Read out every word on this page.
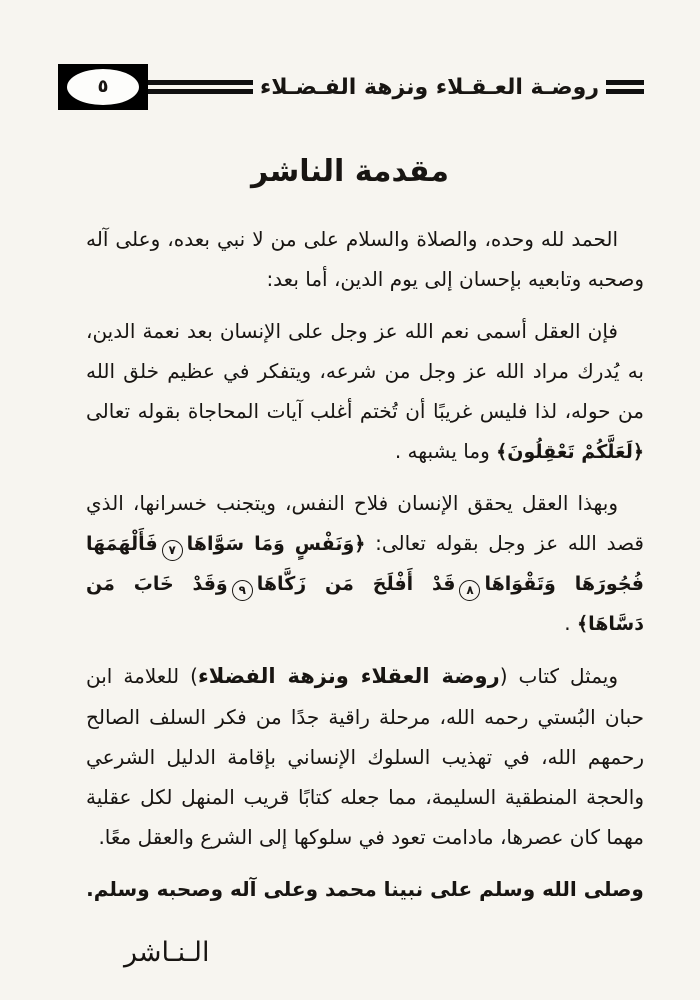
روضـة العـقـلاء ونزهة الفـضـلاء
٥
مقدمة الناشر

الحمد لله وحده، والصلاة والسلام على من لا نبي بعده، وعلى آله وصحبه وتابعيه بإحسان إلى يوم الدين، أما بعد:

فإن العقل أسمى نعم الله عز وجل على الإنسان بعد نعمة الدين، به يُدرك مراد الله عز وجل من شرعه، ويتفكر في عظيم خلق الله من حوله، لذا فليس غريبًا أن تُختم أغلب آيات المحاجاة بقوله تعالى ﴿لَعَلَّكُمْ تَعْقِلُونَ﴾ وما يشبهه .

وبهذا العقل يحقق الإنسان فلاح النفس، ويتجنب خسرانها، الذي قصد الله عز وجل بقوله تعالى: ﴿وَنَفْسٍ وَمَا سَوَّاهَا٧فَأَلْهَمَهَا فُجُورَهَا وَتَقْوَاهَا٨قَدْ أَفْلَحَ مَن زَكَّاهَا٩وَقَدْ خَابَ مَن دَسَّاهَا﴾ .

ويمثل كتاب (روضة العقلاء ونزهة الفضلاء) للعلامة ابن حبان البُستي رحمه الله، مرحلة راقية جدًا من فكر السلف الصالح رحمهم الله، في تهذيب السلوك الإنساني بإقامة الدليل الشرعي والحجة المنطقية السليمة، مما جعله كتابًا قريب المنهل لكل عقلية مهما كان عصرها، مادامت تعود في سلوكها إلى الشرع والعقل معًا.

وصلى الله وسلم على نبينا محمد وعلى آله وصحبه وسلم.

الـنـاشر
